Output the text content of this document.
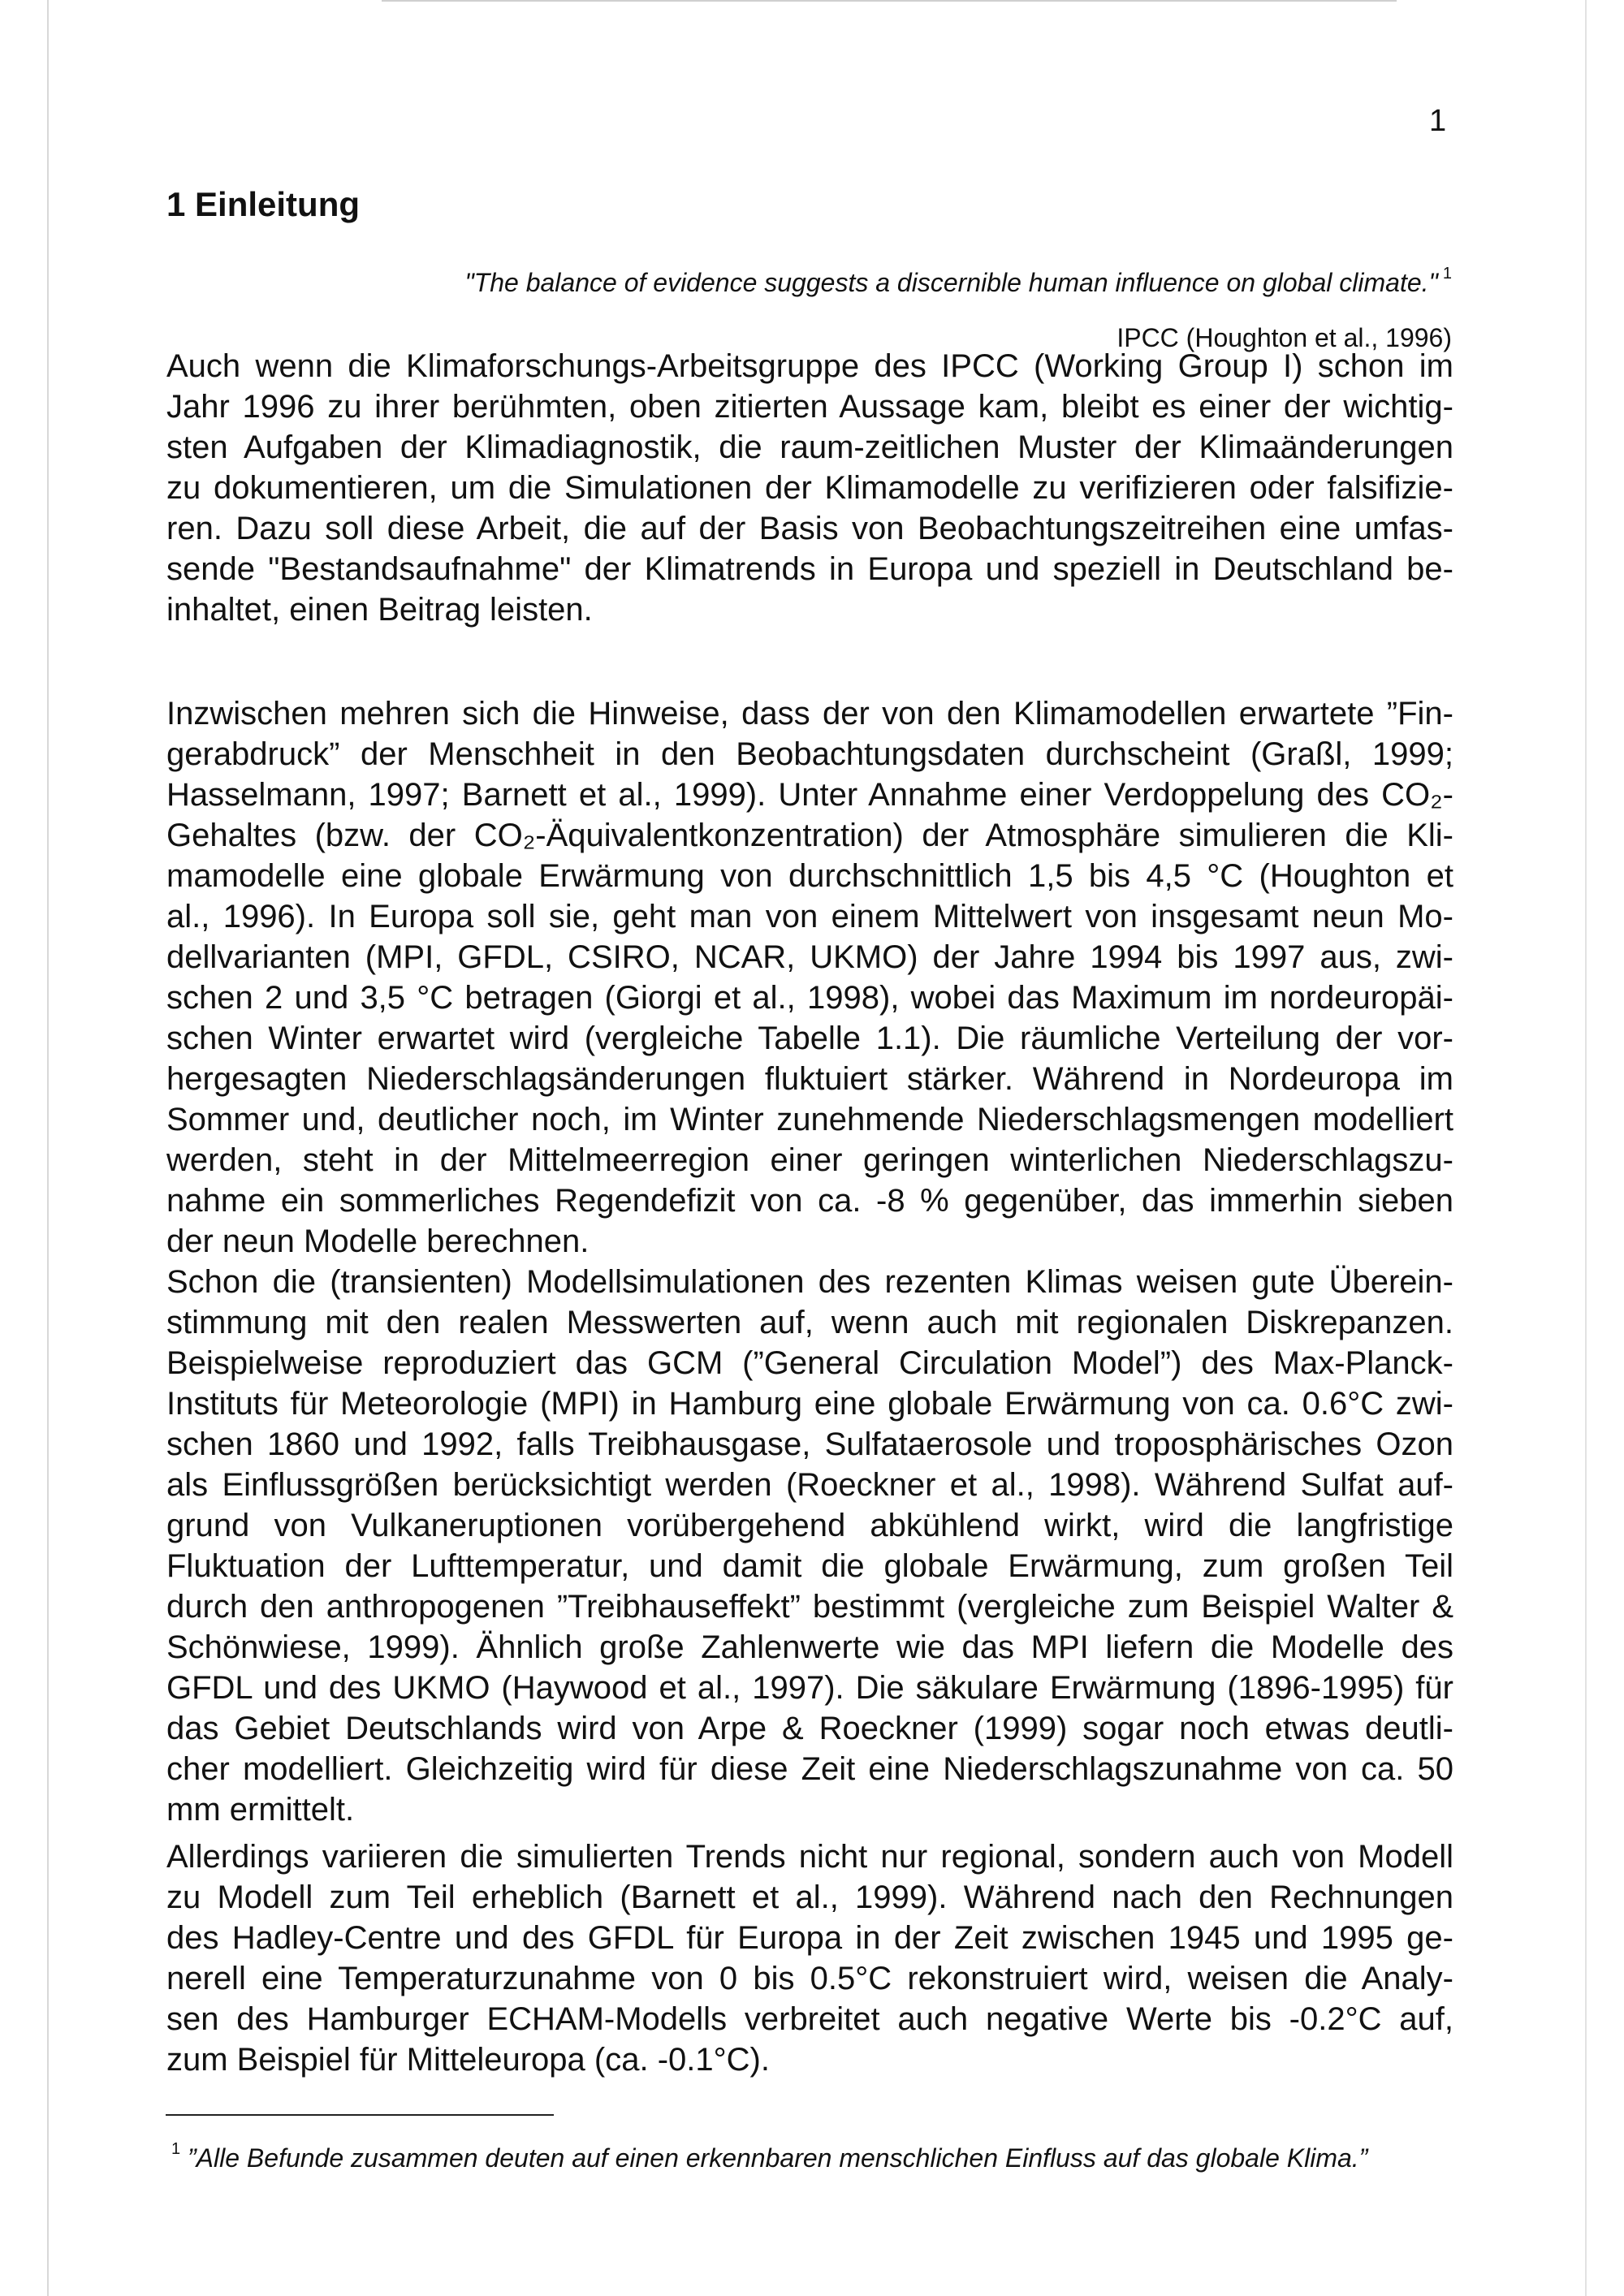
1
1 Einleitung
"The balance of evidence suggests a discernible human influence on global climate." $^1$
IPCC (Houghton et al., 1996)
Auch wenn die Klimaforschungs-Arbeitsgruppe des IPCC (Working Group I) schon im
Jahr 1996 zu ihrer berühmten, oben zitierten Aussage kam, bleibt es einer der wichtig-
sten Aufgaben der Klimadiagnostik, die raum-zeitlichen Muster der Klimaänderungen
zu dokumentieren, um die Simulationen der Klimamodelle zu verifizieren oder falsifizie-
ren. Dazu soll diese Arbeit, die auf der Basis von Beobachtungszeitreihen eine umfas-
sende "Bestandsaufnahme" der Klimatrends in Europa und speziell in Deutschland be-
inhaltet, einen Beitrag leisten.
Inzwischen mehren sich die Hinweise, dass der von den Klimamodellen erwartete ”Fin-
gerabdruck” der Menschheit in den Beobachtungsdaten durchscheint (Graßl, 1999;
Hasselmann, 1997; Barnett et al., 1999). Unter Annahme einer Verdoppelung des CO₂-
Gehaltes (bzw. der CO₂-Äquivalentkonzentration) der Atmosphäre simulieren die Kli-
mamodelle eine globale Erwärmung von durchschnittlich 1,5 bis 4,5 °C (Houghton et
al., 1996). In Europa soll sie, geht man von einem Mittelwert von insgesamt neun Mo-
dellvarianten (MPI, GFDL, CSIRO, NCAR, UKMO) der Jahre 1994 bis 1997 aus, zwi-
schen 2 und 3,5 °C betragen (Giorgi et al., 1998), wobei das Maximum im nordeuropäi-
schen Winter erwartet wird (vergleiche Tabelle 1.1). Die räumliche Verteilung der vor-
hergesagten Niederschlagsänderungen fluktuiert stärker. Während in Nordeuropa im
Sommer und, deutlicher noch, im Winter zunehmende Niederschlagsmengen modelliert
werden, steht in der Mittelmeerregion einer geringen winterlichen Niederschlagszu-
nahme ein sommerliches Regendefizit von ca. -8 % gegenüber, das immerhin sieben
der neun Modelle berechnen.
Schon die (transienten) Modellsimulationen des rezenten Klimas weisen gute Überein-
stimmung mit den realen Messwerten auf, wenn auch mit regionalen Diskrepanzen.
Beispielweise reproduziert das GCM (”General Circulation Model”) des Max-Planck-
Instituts für Meteorologie (MPI) in Hamburg eine globale Erwärmung von ca. 0.6°C zwi-
schen 1860 und 1992, falls Treibhausgase, Sulfataerosole und troposphärisches Ozon
als Einflussgrößen berücksichtigt werden (Roeckner et al., 1998). Während Sulfat auf-
grund von Vulkaneruptionen vorübergehend abkühlend wirkt, wird die langfristige
Fluktuation der Lufttemperatur, und damit die globale Erwärmung, zum großen Teil
durch den anthropogenen ”Treibhauseffekt” bestimmt (vergleiche zum Beispiel Walter &
Schönwiese, 1999). Ähnlich große Zahlenwerte wie das MPI liefern die Modelle des
GFDL und des UKMO (Haywood et al., 1997). Die säkulare Erwärmung (1896-1995) für
das Gebiet Deutschlands wird von Arpe & Roeckner (1999) sogar noch etwas deutli-
cher modelliert. Gleichzeitig wird für diese Zeit eine Niederschlagszunahme von ca. 50
mm ermittelt.
Allerdings variieren die simulierten Trends nicht nur regional, sondern auch von Modell
zu Modell zum Teil erheblich (Barnett et al., 1999). Während nach den Rechnungen
des Hadley-Centre und des GFDL für Europa in der Zeit zwischen 1945 und 1995 ge-
nerell eine Temperaturzunahme von 0 bis 0.5°C rekonstruiert wird, weisen die Analy-
sen des Hamburger ECHAM-Modells verbreitet auch negative Werte bis -0.2°C auf,
zum Beispiel für Mitteleuropa (ca. -0.1°C).
$^1$ ”Alle Befunde zusammen deuten auf einen erkennbaren menschlichen Einfluss auf das globale Klima.”
